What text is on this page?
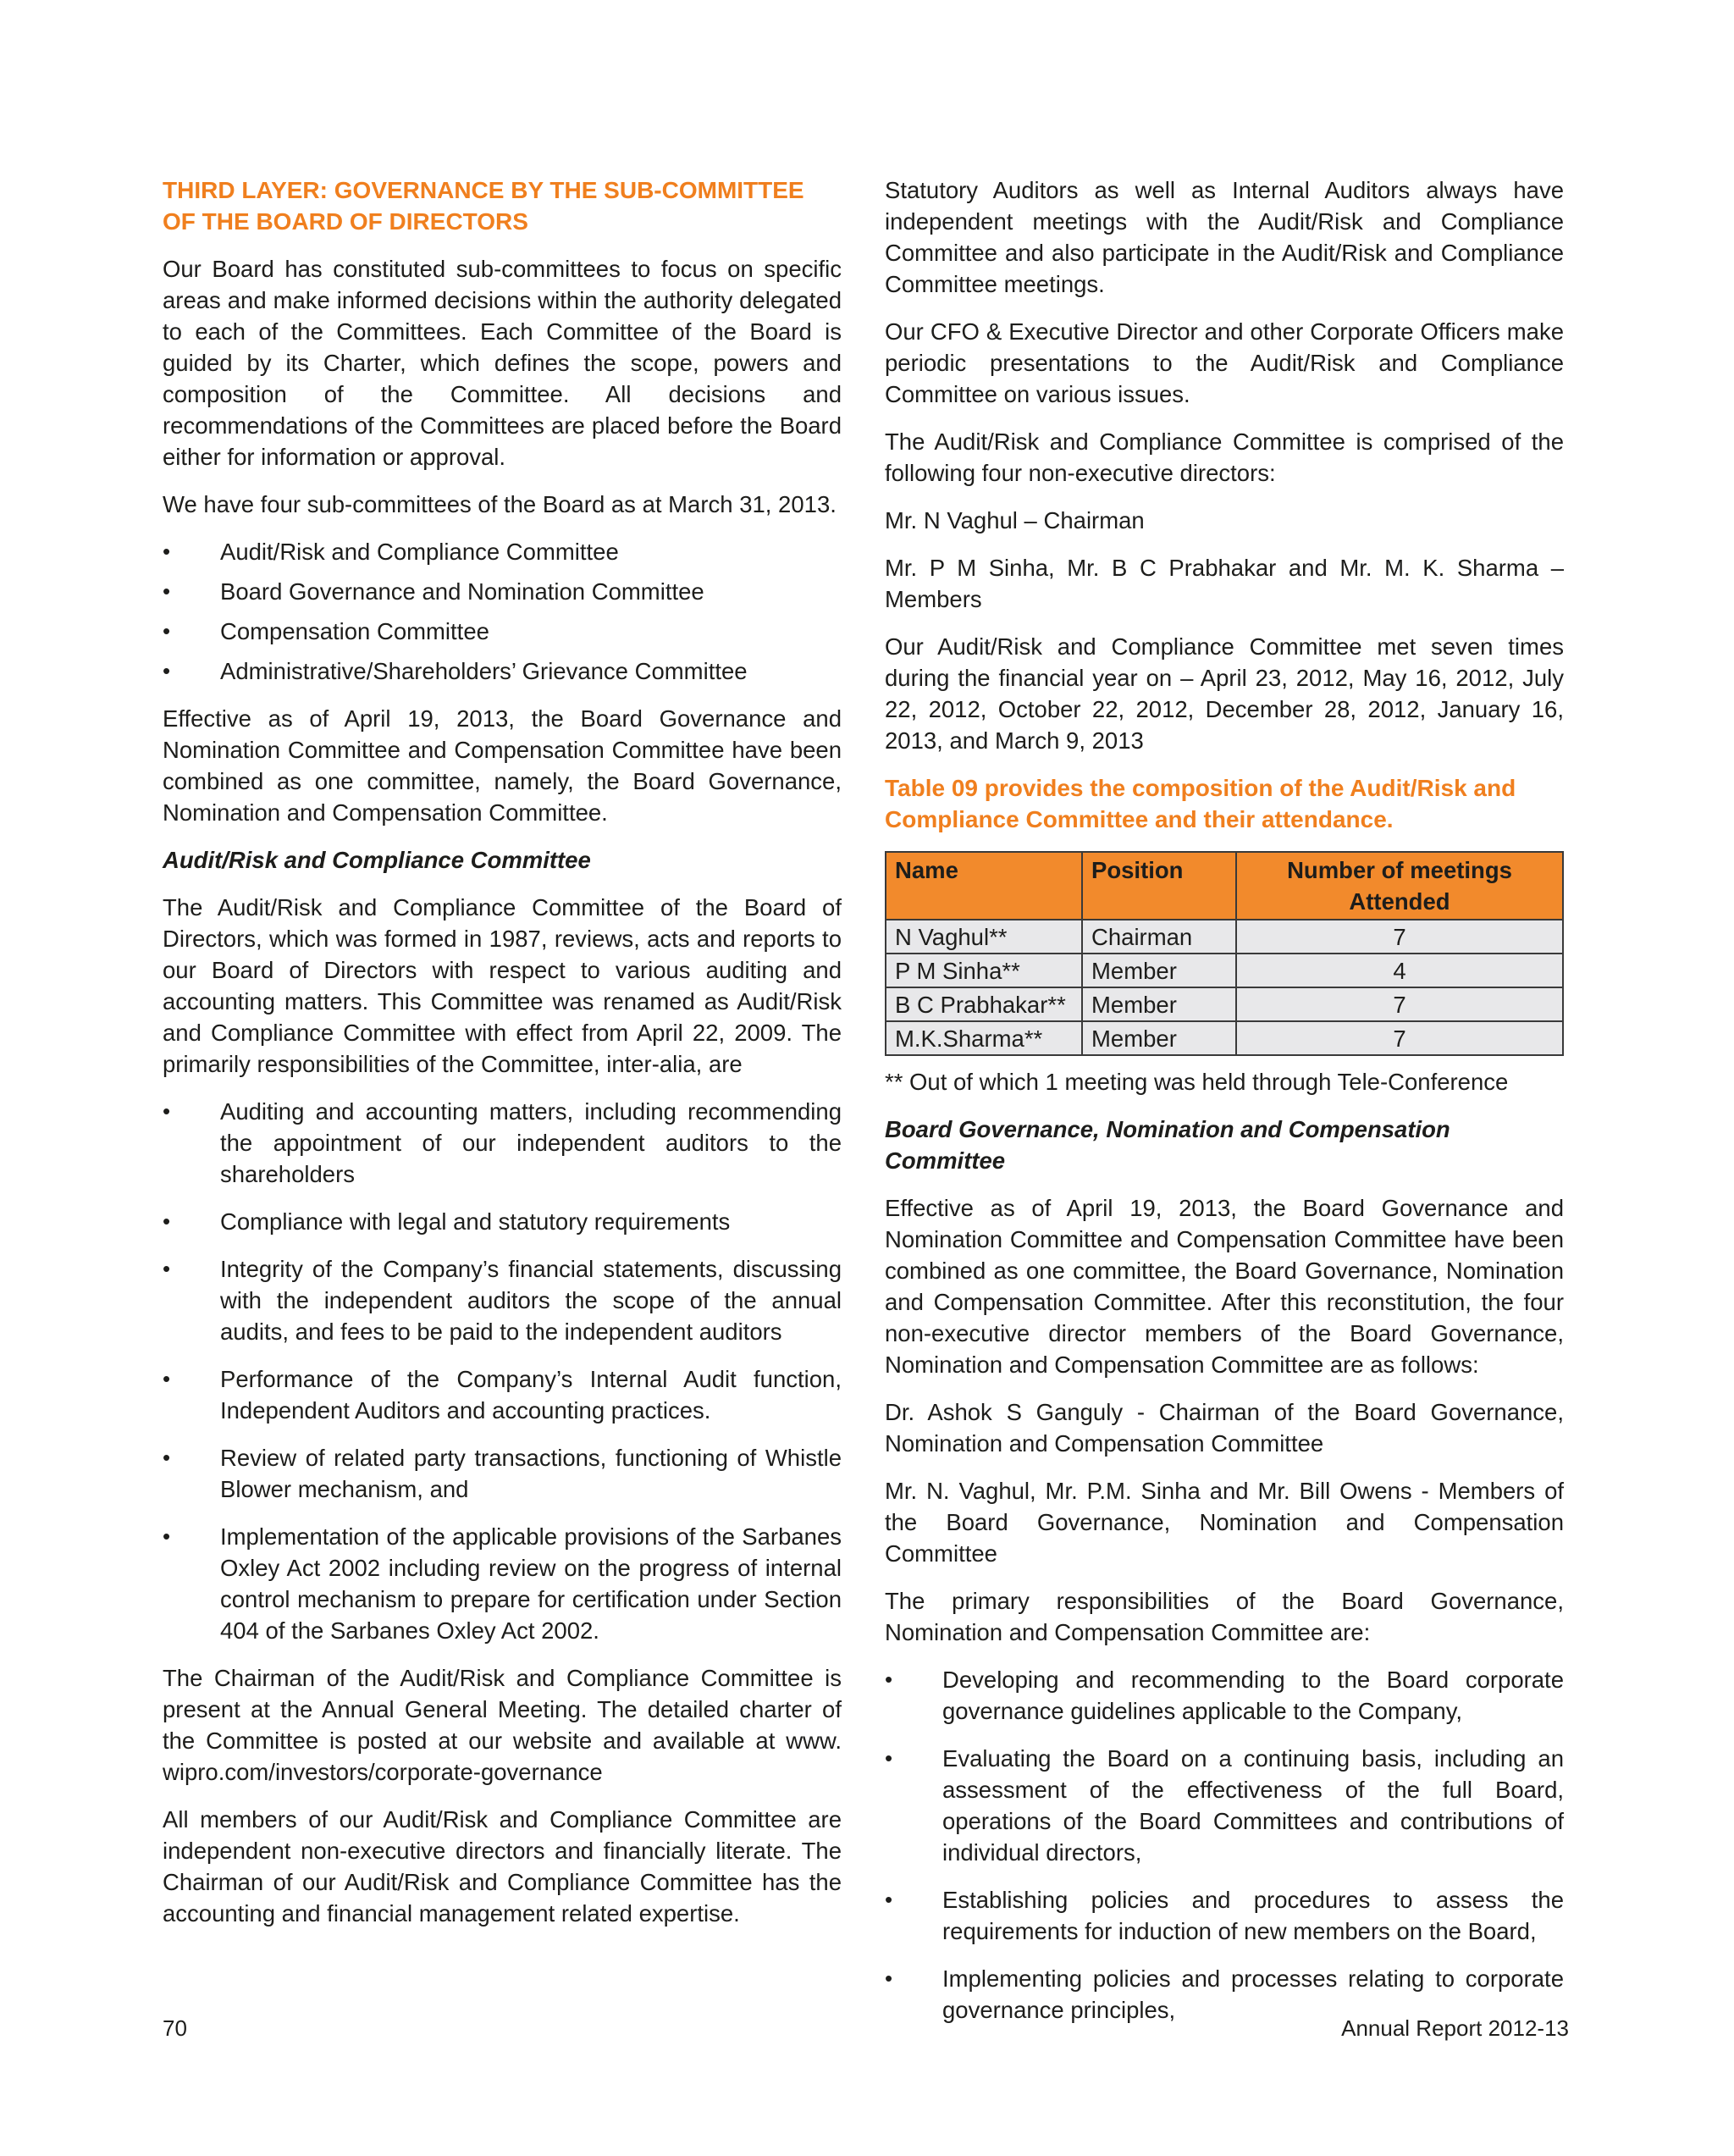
THIRD LAYER: GOVERNANCE BY THE SUB-COMMITTEE OF THE BOARD OF DIRECTORS

Our Board has constituted sub-committees to focus on specific areas and make informed decisions within the authority delegated to each of the Committees. Each Committee of the Board is guided by its Charter, which defines the scope, powers and composition of the Committee. All decisions and recommendations of the Committees are placed before the Board either for information or approval.

We have four sub-committees of the Board as at March 31, 2013.

• Audit/Risk and Compliance Committee
• Board Governance and Nomination Committee
• Compensation Committee
• Administrative/Shareholders’ Grievance Committee

Effective as of April 19, 2013, the Board Governance and Nomination Committee and Compensation Committee have been combined as one committee, namely, the Board Governance, Nomination and Compensation Committee.

Audit/Risk and Compliance Committee

The Audit/Risk and Compliance Committee of the Board of Directors, which was formed in 1987, reviews, acts and reports to our Board of Directors with respect to various auditing and accounting matters. This Committee was renamed as Audit/Risk and Compliance Committee with effect from April 22, 2009. The primarily responsibilities of the Committee, inter-alia, are

• Auditing and accounting matters, including recommending the appointment of our independent auditors to the shareholders
• Compliance with legal and statutory requirements
• Integrity of the Company’s financial statements, discussing with the independent auditors the scope of the annual audits, and fees to be paid to the independent auditors
• Performance of the Company’s Internal Audit function, Independent Auditors and accounting practices.
• Review of related party transactions, functioning of Whistle Blower mechanism, and
• Implementation of the applicable provisions of the Sarbanes Oxley Act 2002 including review on the progress of internal control mechanism to prepare for certification under Section 404 of the Sarbanes Oxley Act 2002.

The Chairman of the Audit/Risk and Compliance Committee is present at the Annual General Meeting. The detailed charter of the Committee is posted at our website and available at www. wipro.com/investors/corporate-governance

All members of our Audit/Risk and Compliance Committee are independent non-executive directors and financially literate. The Chairman of our Audit/Risk and Compliance Committee has the accounting and financial management related expertise.

Statutory Auditors as well as Internal Auditors always have independent meetings with the Audit/Risk and Compliance Committee and also participate in the Audit/Risk and Compliance Committee meetings.

Our CFO & Executive Director and other Corporate Officers make periodic presentations to the Audit/Risk and Compliance Committee on various issues.

The Audit/Risk and Compliance Committee is comprised of the following four non-executive directors:

Mr. N Vaghul – Chairman

Mr. P M Sinha, Mr. B C Prabhakar and Mr. M. K. Sharma – Members

Our Audit/Risk and Compliance Committee met seven times during the financial year on – April 23, 2012, May 16, 2012, July 22, 2012, October 22, 2012, December 28, 2012, January 16, 2013, and March 9, 2013

Table 09 provides the composition of the Audit/Risk and Compliance Committee and their attendance.
Name	Position	Number of meetings Attended
N Vaghul**	Chairman	7
P M Sinha**	Member	4
B C Prabhakar**	Member	7
M.K.Sharma**	Member	7

** Out of which 1 meeting was held through Tele-Conference

Board Governance, Nomination and Compensation Committee

Effective as of April 19, 2013, the Board Governance and Nomination Committee and Compensation Committee have been combined as one committee, the Board Governance, Nomination and Compensation Committee. After this reconstitution, the four non-executive director members of the Board Governance, Nomination and Compensation Committee are as follows:

Dr. Ashok S Ganguly - Chairman of the Board Governance, Nomination and Compensation Committee

Mr. N. Vaghul, Mr. P.M. Sinha and Mr. Bill Owens - Members of the Board Governance, Nomination and Compensation Committee

The primary responsibilities of the Board Governance, Nomination and Compensation Committee are:

• Developing and recommending to the Board corporate governance guidelines applicable to the Company,
• Evaluating the Board on a continuing basis, including an assessment of the effectiveness of the full Board, operations of the Board Committees and contributions of individual directors,
• Establishing policies and procedures to assess the requirements for induction of new members on the Board,
• Implementing policies and processes relating to corporate governance principles,
70	Annual Report 2012-13
